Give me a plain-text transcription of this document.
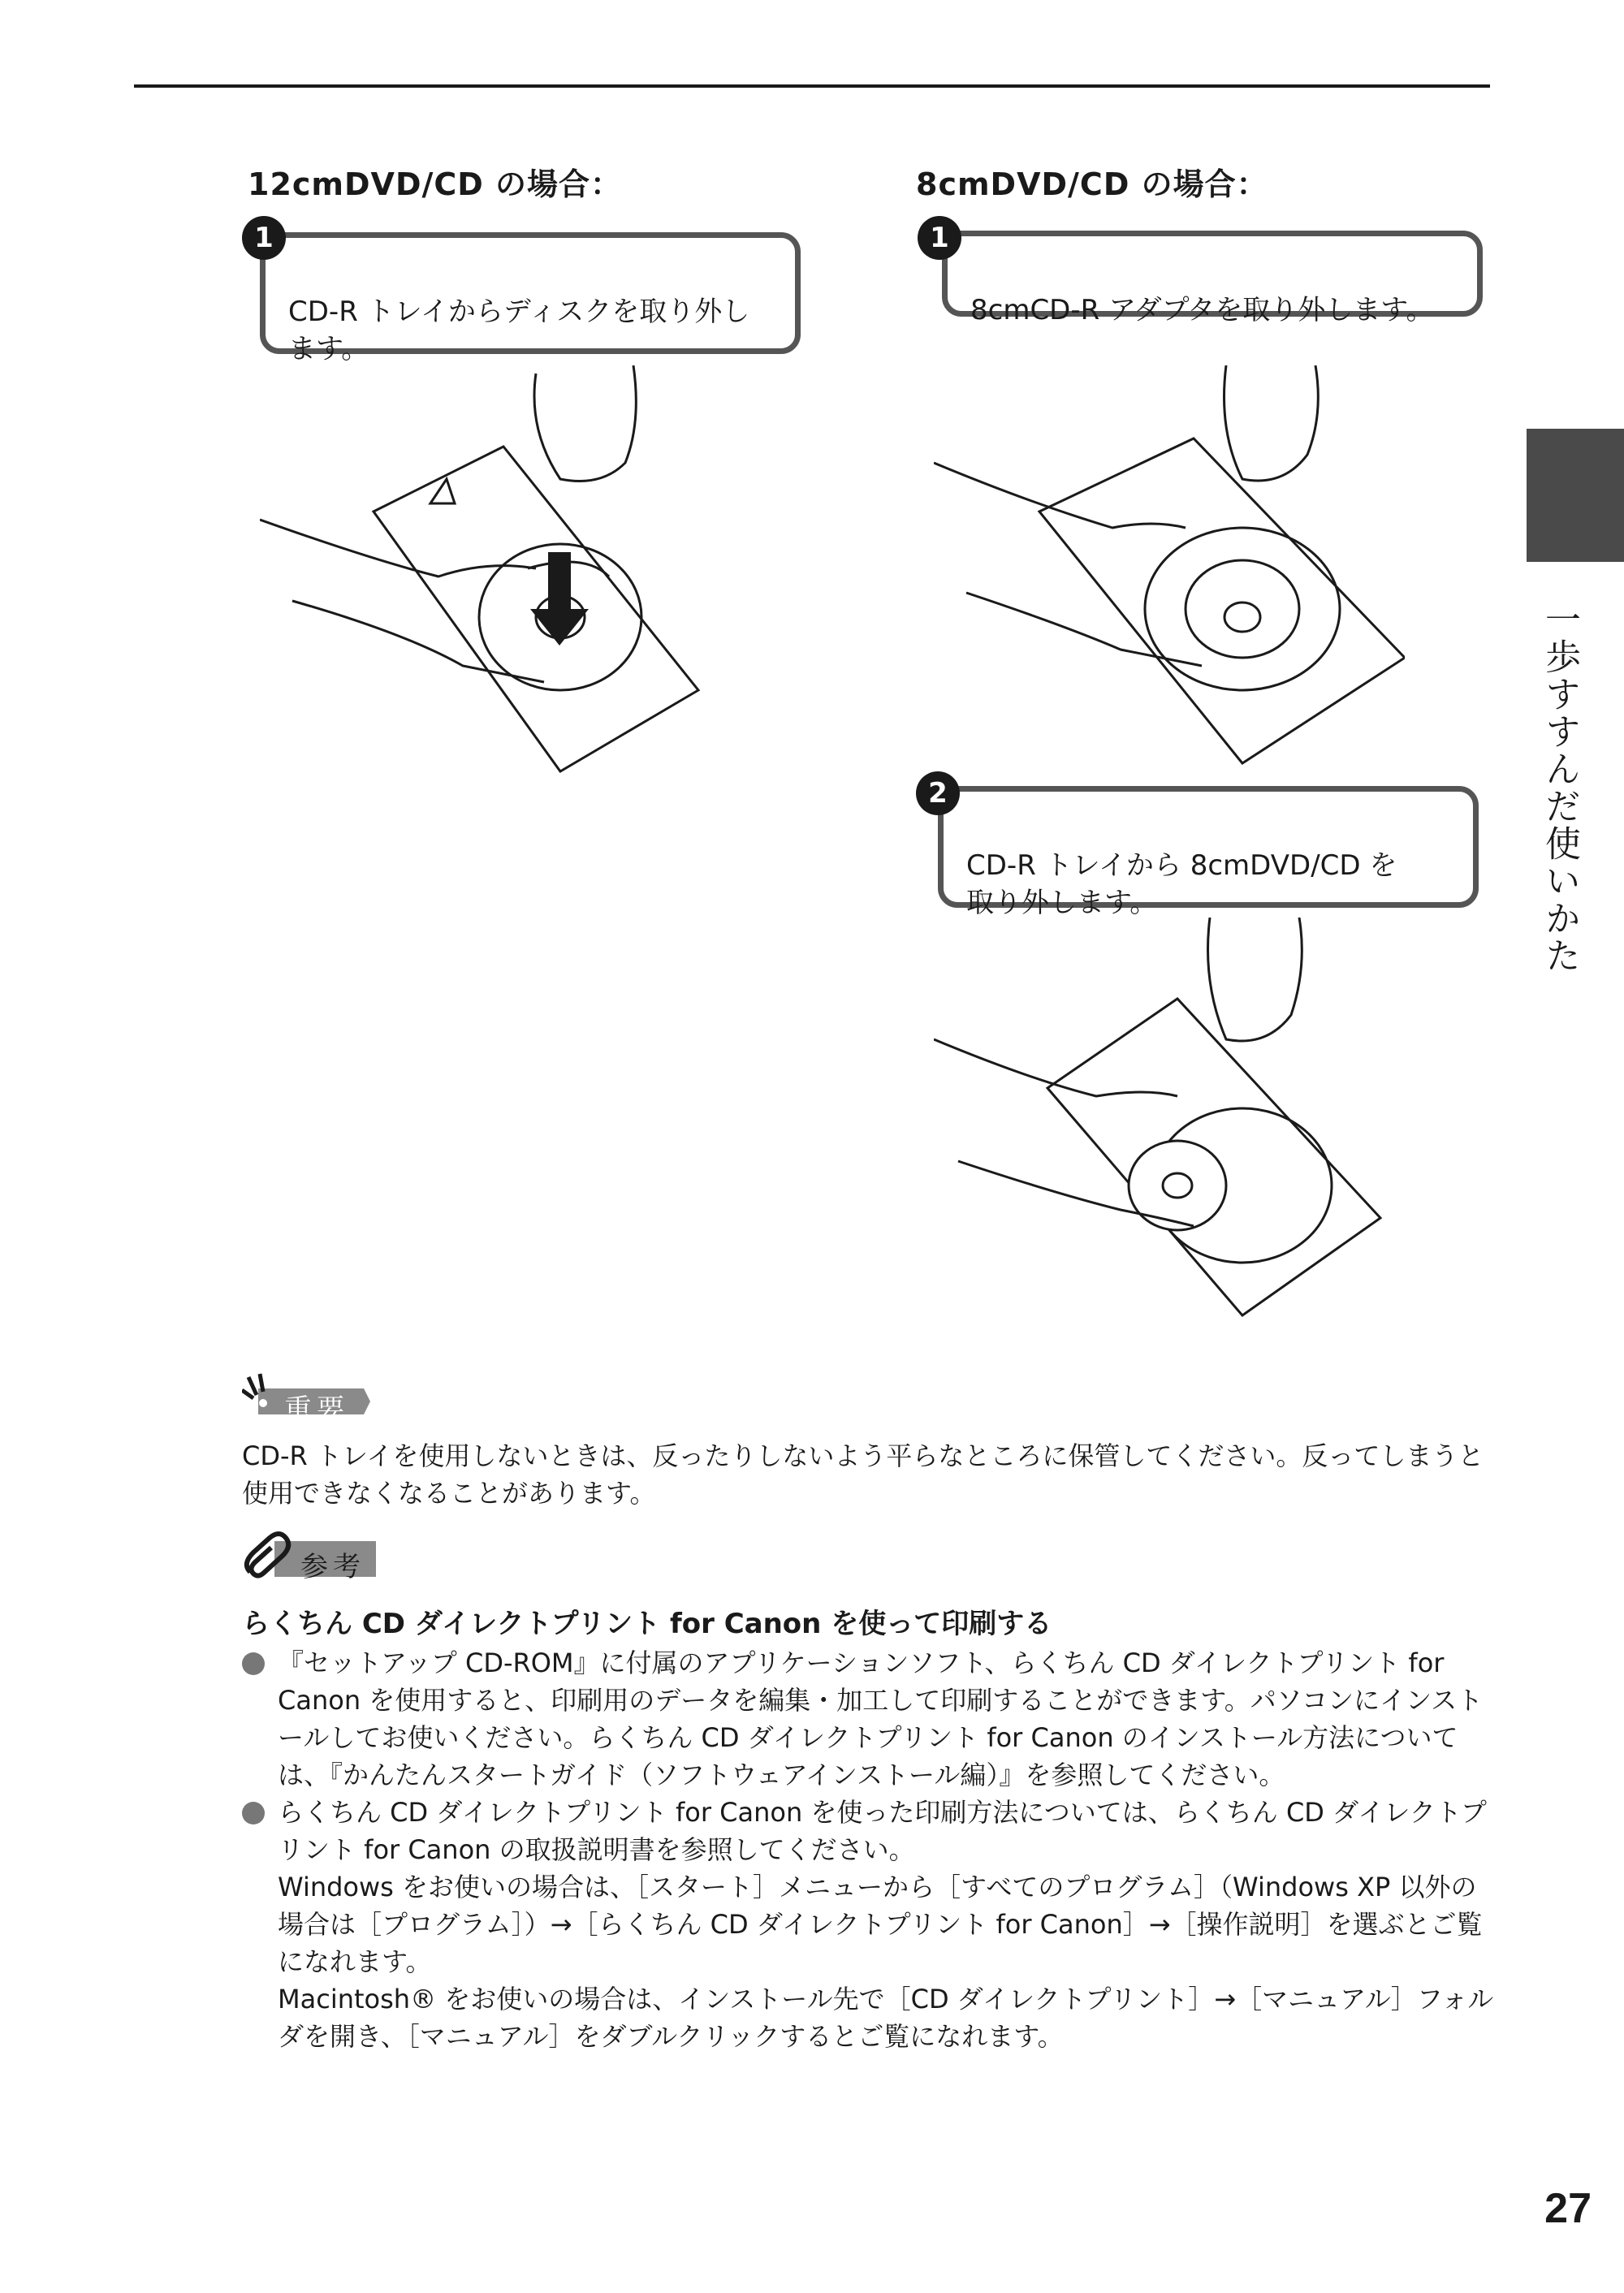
12cmDVD/CD の場合：

CD-R トレイからディスクを取り外し
ます。

1
8cmDVD/CD の場合：

8cmCD-R アダプタを取り外します。

1

CD-R トレイから 8cmDVD/CD を
取り外します。

2	一歩すすんだ使いかた
重要
CD-R トレイを使用しないときは、反ったりしないよう平らなところに保管してください。反ってしまうと使用できなくなることがあります。
参考
らくちん CD ダイレクトプリント for Canon を使って印刷する

『セットアップ CD-ROM』に付属のアプリケーションソフト、らくちん CD ダイレクトプリント for Canon を使用すると、印刷用のデータを編集・加工して印刷することができます。パソコンにインストールしてお使いください。らくちん CD ダイレクトプリント for Canon のインストール方法については、『かんたんスタートガイド（ソフトウェアインストール編）』を参照してください。

らくちん CD ダイレクトプリント for Canon を使った印刷方法については、らくちん CD ダイレクトプリント for Canon の取扱説明書を参照してください。

Windows をお使いの場合は、［スタート］メニューから［すべてのプログラム］（Windows XP 以外の場合は［プログラム］）→［らくちん CD ダイレクトプリント for Canon］→［操作説明］を選ぶとご覧になれます。

Macintosh® をお使いの場合は、インストール先で［CD ダイレクトプリント］→［マニュアル］フォルダを開き、［マニュアル］をダブルクリックするとご覧になれます。

27
